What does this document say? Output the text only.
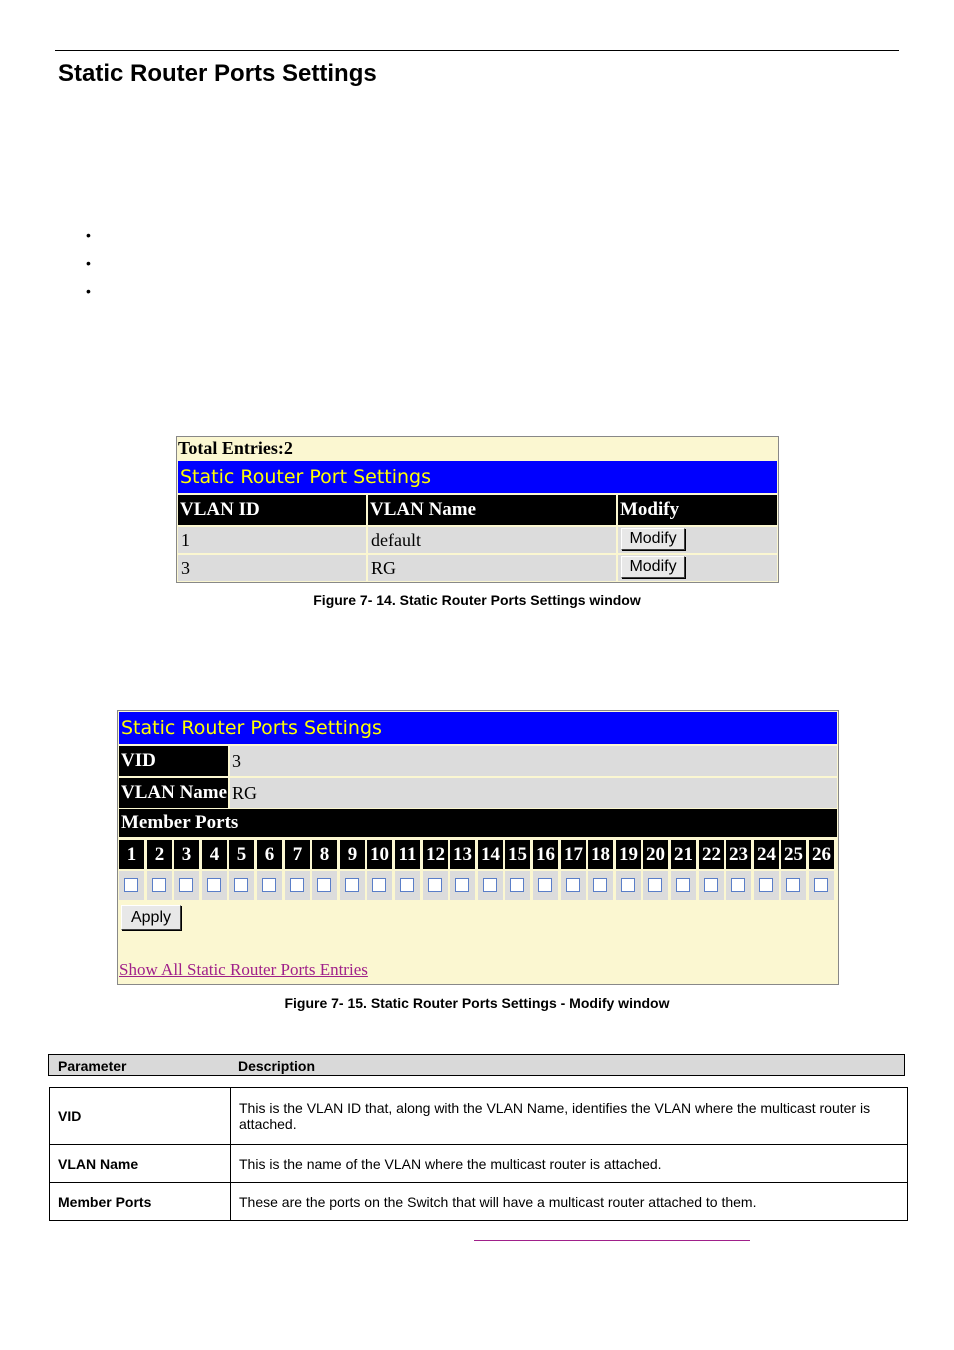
Static Router Ports Settings
•
•
•
Total Entries:2
Static Router Port Settings
VLAN ID	VLAN Name	Modify
1	default	Modify
3	RG	Modify
Figure 7- 14. Static Router Ports Settings window
Static Router Ports Settings
VID	3
VLAN Name RG
Member Ports
1 2 3 4 5 6 7 8 9 10 11 12 13 14 15 16 17 18 19 20 21 22 23 24 25 26
Apply
Show All Static Router Ports Entries
Figure 7- 15. Static Router Ports Settings - Modify window
Parameter	Description
VID	This is the VLAN ID that, along with the VLAN Name, identifies the VLAN where the multicast router is attached.
VLAN Name	This is the name of the VLAN where the multicast router is attached.
Member Ports	These are the ports on the Switch that will have a multicast router attached to them.
